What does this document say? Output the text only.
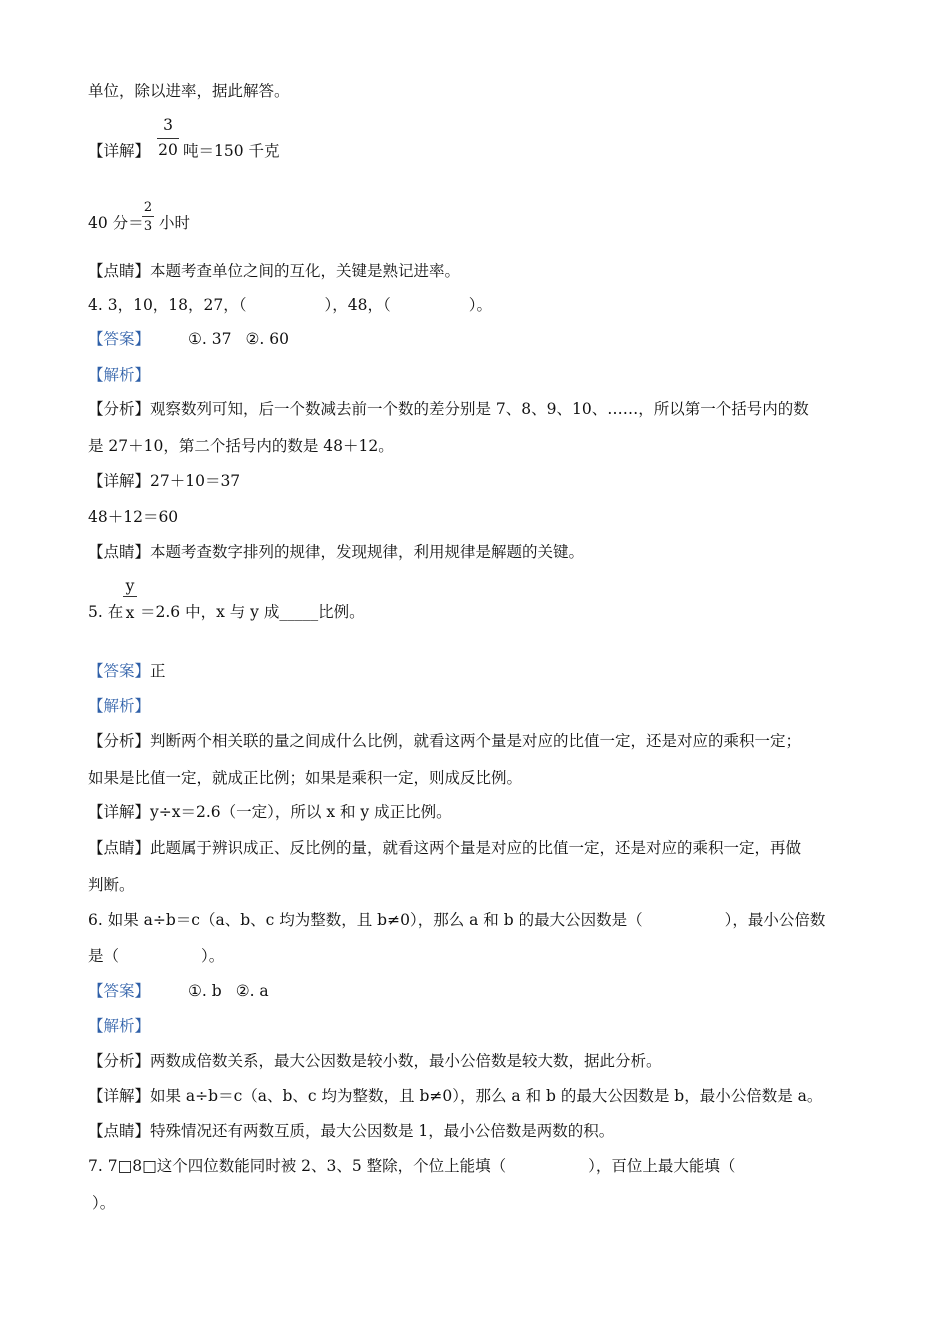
单位，除以进率，据此解答。
【详解】 $\frac{3}{20}$ 吨＝150 千克
40 分＝
$\frac{2}{3}$ 小时
【点睛】本题考查单位之间的互化，关键是熟记进率。
4. 3，10，18，27，（	），48，（	）。
【答案】 ①. 37 ②. 60
【解析】
【分析】观察数列可知，后一个数减去前一个数的差分别是 7、8、9、10、……，所以第一个括号内的数
是 27＋10，第二个括号内的数是 48＋12。
【详解】27＋10＝37
48＋12＝60
【点睛】本题考查数字排列的规律，发现规律，利用规律是解题的关键。
5. 在 $\frac{y}{x} =2.6$ 中，x 与 y 成_____比例。
【答案】正
【解析】
【分析】判断两个相关联的量之间成什么比例，就看这两个量是对应的比值一定，还是对应的乘积一定；
如果是比值一定，就成正比例；如果是乘积一定，则成反比例。
【详解】y÷x＝2.6（一定），所以 x 和 y 成正比例。
【点睛】此题属于辨识成正、反比例的量，就看这两个量是对应的比值一定，还是对应的乘积一定，再做
判断。
6. 如果 a÷b＝c（a、b、c 均为整数，且 b≠0），那么 a 和 b 的最大公因数是（	），最小公倍数
是（	）。
【答案】 ①. b ②. a
【解析】
【分析】两数成倍数关系，最大公因数是较小数，最小公倍数是较大数，据此分析。
【详解】如果 a÷b＝c（a、b、c 均为整数，且 b≠0），那么 a 和 b 的最大公因数是 b，最小公倍数是 a。
【点睛】特殊情况还有两数互质，最大公因数是 1，最小公倍数是两数的积。
7. 7□8□这个四位数能同时被 2、3、5 整除，个位上能填（	），百位上最大能填（
）。
